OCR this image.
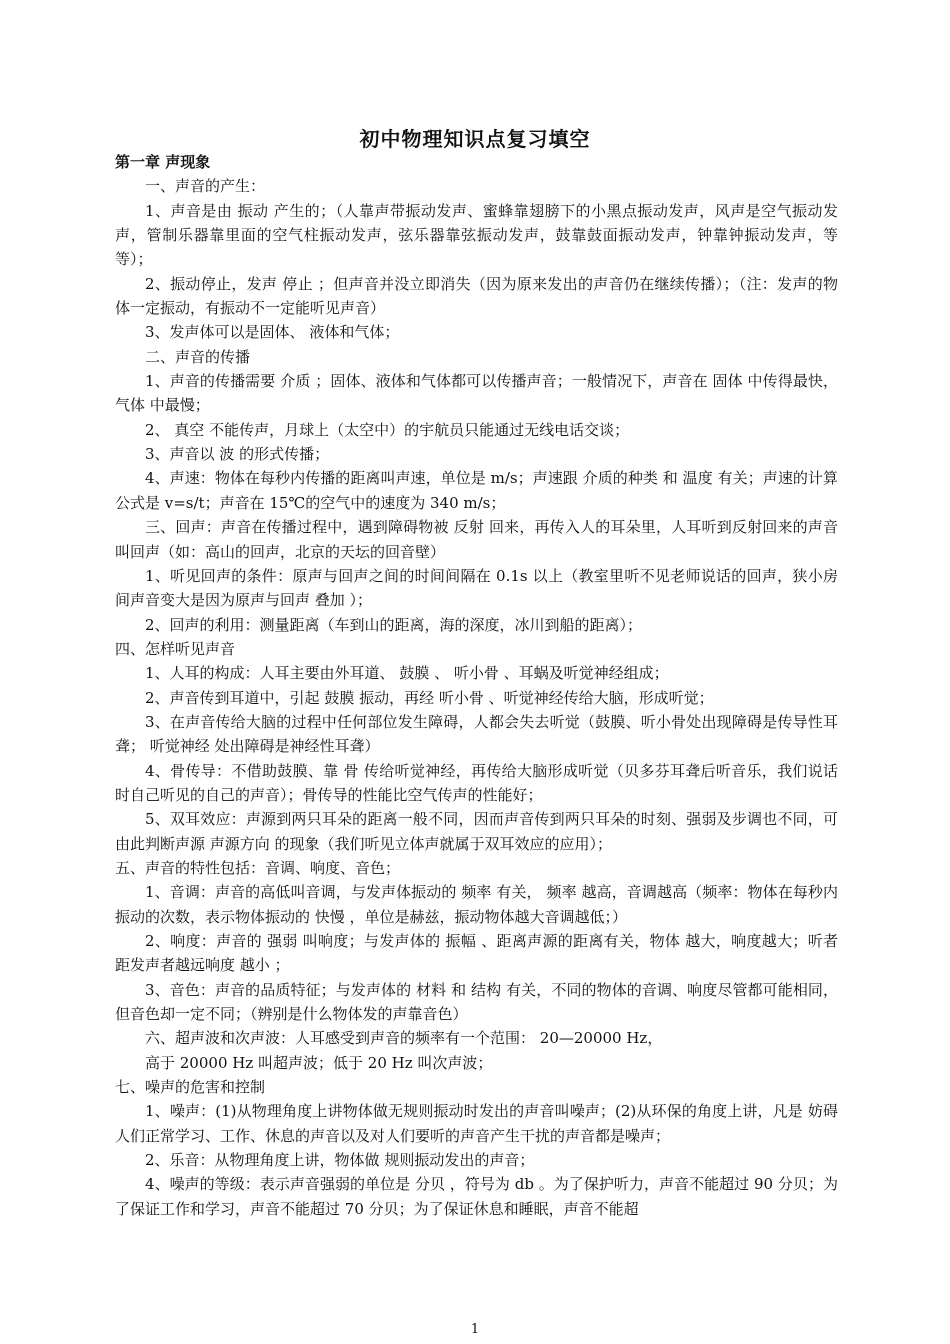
初中物理知识点复习填空

第一章 声现象

一、声音的产生：

1、声音是由 振动 产生的；（人靠声带振动发声、蜜蜂靠翅膀下的小黑点振动发声，风声是空气振动发声，管制乐器靠里面的空气柱振动发声，弦乐器靠弦振动发声，鼓靠鼓面振动发声，钟靠钟振动发声，等等）；

2、振动停止，发声 停止 ；但声音并没立即消失（因为原来发出的声音仍在继续传播）；（注：发声的物体一定振动，有振动不一定能听见声音）

3、发声体可以是固体、 液体和气体；

二、声音的传播

1、声音的传播需要 介质 ；固体、液体和气体都可以传播声音；一般情况下，声音在 固体 中传得最快， 气体 中最慢；

2、 真空 不能传声，月球上（太空中）的宇航员只能通过无线电话交谈；

3、声音以 波 的形式传播；

4、声速：物体在每秒内传播的距离叫声速，单位是 m/s；声速跟 介质的种类 和 温度 有关；声速的计算公式是 v=s/t；声音在 15℃的空气中的速度为 340 m/s；

三、回声：声音在传播过程中，遇到障碍物被 反射 回来，再传入人的耳朵里，人耳听到反射回来的声音叫回声（如：高山的回声，北京的天坛的回音壁）

1、听见回声的条件：原声与回声之间的时间间隔在 0.1s 以上（教室里听不见老师说话的回声，狭小房间声音变大是因为原声与回声 叠加 ）；

2、回声的利用：测量距离（车到山的距离，海的深度，冰川到船的距离）；

四、怎样听见声音

1、人耳的构成：人耳主要由外耳道、 鼓膜 、 听小骨 、耳蜗及听觉神经组成；

2、声音传到耳道中，引起 鼓膜 振动，再经 听小骨 、听觉神经传给大脑，形成听觉；

3、在声音传给大脑的过程中任何部位发生障碍，人都会失去听觉（鼓膜、听小骨处出现障碍是传导性耳聋； 听觉神经 处出障碍是神经性耳聋）

4、骨传导：不借助鼓膜、靠 骨 传给听觉神经，再传给大脑形成听觉（贝多芬耳聋后听音乐，我们说话时自己听见的自己的声音）；骨传导的性能比空气传声的性能好；

5、双耳效应：声源到两只耳朵的距离一般不同，因而声音传到两只耳朵的时刻、强弱及步调也不同，可由此判断声源 声源方向 的现象（我们听见立体声就属于双耳效应的应用）；

五、声音的特性包括：音调、响度、音色；

1、音调：声音的高低叫音调，与发声体振动的 频率 有关， 频率 越高，音调越高（频率：物体在每秒内振动的次数，表示物体振动的 快慢 ，单位是赫兹，振动物体越大音调越低；）

2、响度：声音的 强弱 叫响度；与发声体的 振幅 、距离声源的距离有关，物体 越大，响度越大；听者距发声者越远响度 越小 ；

3、音色：声音的品质特征；与发声体的 材料 和 结构 有关，不同的物体的音调、响度尽管都可能相同，但音色却一定不同；（辨别是什么物体发的声靠音色）

六、超声波和次声波：人耳感受到声音的频率有一个范围： 20—20000 Hz，

高于 20000 Hz 叫超声波；低于 20 Hz 叫次声波；

七、噪声的危害和控制

1、噪声：(1)从物理角度上讲物体做无规则振动时发出的声音叫噪声；(2)从环保的角度上讲，凡是 妨碍人们正常学习、工作、休息的声音以及对人们要听的声音产生干扰的声音都是噪声；

2、乐音：从物理角度上讲，物体做 规则振动发出的声音；

4、噪声的等级：表示声音强弱的单位是 分贝 ，符号为 db 。为了保护听力，声音不能超过 90 分贝；为了保证工作和学习，声音不能超过 70 分贝；为了保证休息和睡眠，声音不能超

1
